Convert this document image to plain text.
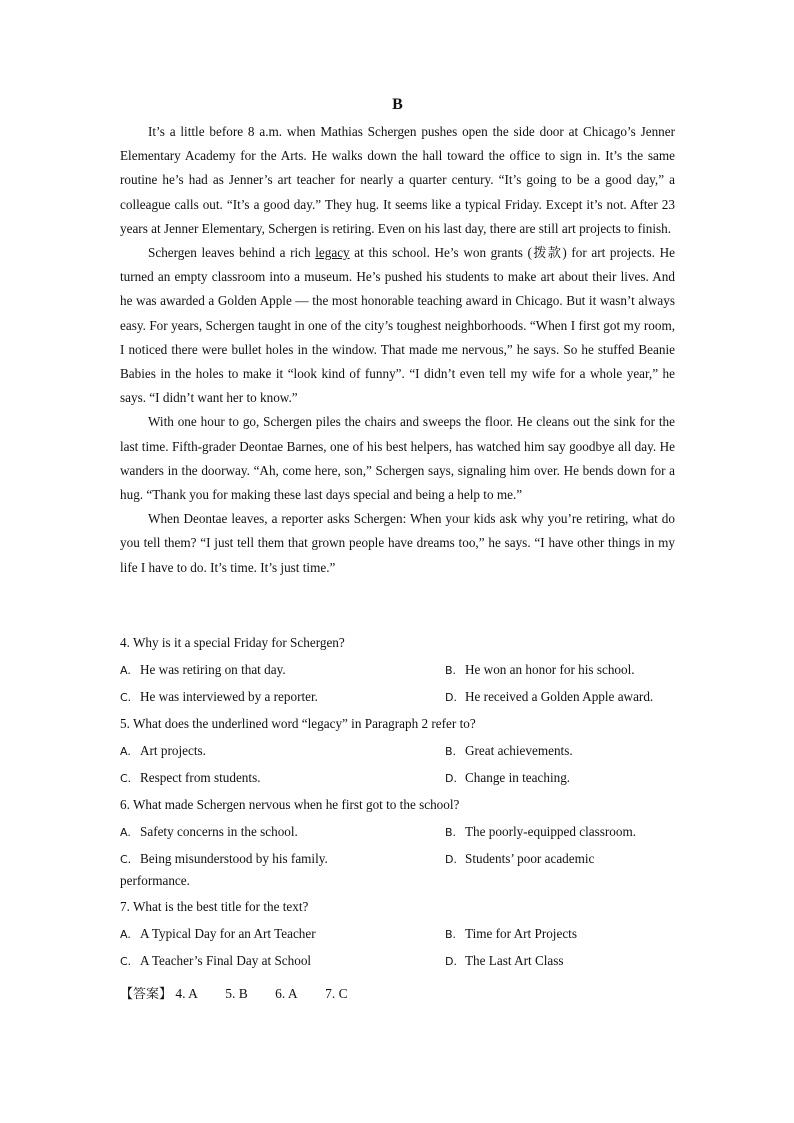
B

It’s a little before 8 a.m. when Mathias Schergen pushes open the side door at Chicago’s Jenner Elementary Academy for the Arts. He walks down the hall toward the office to sign in. It’s the same routine he’s had as Jenner’s art teacher for nearly a quarter century. “It’s going to be a good day,” a colleague calls out. “It’s a good day.” They hug. It seems like a typical Friday. Except it’s not. After 23 years at Jenner Elementary, Schergen is retiring. Even on his last day, there are still art projects to finish.

Schergen leaves behind a rich legacy at this school. He’s won grants (拨款) for art projects. He turned an empty classroom into a museum. He’s pushed his students to make art about their lives. And he was awarded a Golden Apple — the most honorable teaching award in Chicago. But it wasn’t always easy. For years, Schergen taught in one of the city’s toughest neighborhoods. “When I first got my room, I noticed there were bullet holes in the window. That made me nervous,” he says. So he stuffed Beanie Babies in the holes to make it “look kind of funny”. “I didn’t even tell my wife for a whole year,” he says. “I didn’t want her to know.”

With one hour to go, Schergen piles the chairs and sweeps the floor. He cleans out the sink for the last time. Fifth-grader Deontae Barnes, one of his best helpers, has watched him say goodbye all day. He wanders in the doorway. “Ah, come here, son,” Schergen says, signaling him over. He bends down for a hug. “Thank you for making these last days special and being a help to me.”

When Deontae leaves, a reporter asks Schergen: When your kids ask why you’re retiring, what do you tell them? “I just tell them that grown people have dreams too,” he says. “I have other things in my life I have to do. It’s time. It’s just time.”

4. Why is it a special Friday for Schergen?
A. He was retiring on that day.	B. He won an honor for his school.
C. He was interviewed by a reporter.	D. He received a Golden Apple award.
5. What does the underlined word “legacy” in Paragraph 2 refer to?
A. Art projects.	B. Great achievements.
C. Respect from students.	D. Change in teaching.
6. What made Schergen nervous when he first got to the school?
A. Safety concerns in the school.	B. The poorly-equipped classroom.
C. Being misunderstood by his family.	D. Students’ poor academic
performance.
7. What is the best title for the text?
A. A Typical Day for an Art Teacher	B. Time for Art Projects
C. A Teacher’s Final Day at School	D. The Last Art Class
【答案】 4. A 5. B 6. A 7. C
